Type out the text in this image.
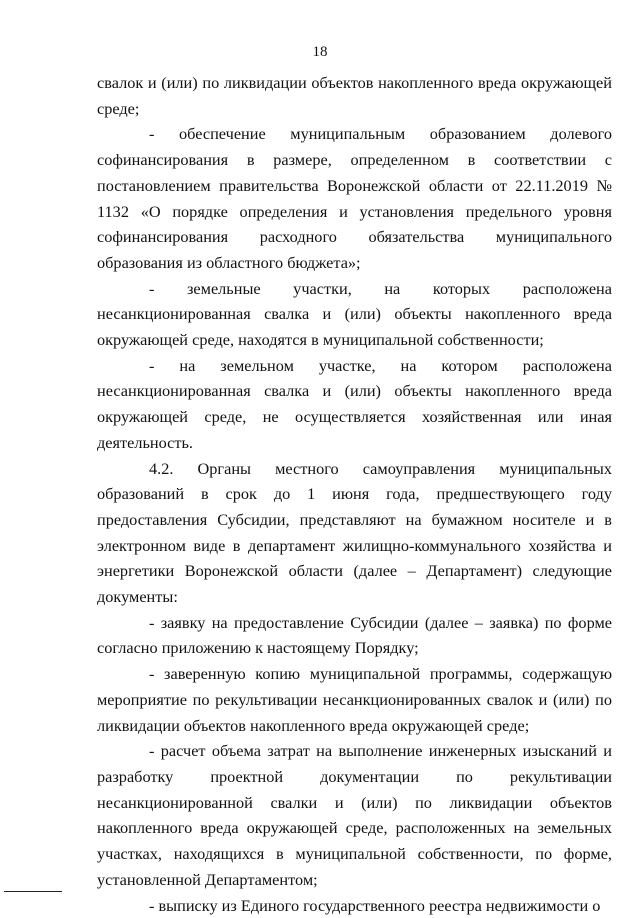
18

свалок и (или) по ликвидации объектов накопленного вреда окружающей среде;

- обеспечение муниципальным образованием долевого софинансирования в размере, определенном в соответствии с постановлением правительства Воронежской области от 22.11.2019 № 1132 «О порядке определения и установления предельного уровня софинансирования расходного обязательства муниципального образования из областного бюджета»;

- земельные участки, на которых расположена несанкционированная свалка и (или) объекты накопленного вреда окружающей среде, находятся в муниципальной собственности;

- на земельном участке, на котором расположена несанкционированная свалка и (или) объекты накопленного вреда окружающей среде, не осуществляется хозяйственная или иная деятельность.

4.2. Органы местного самоуправления муниципальных образований в срок до 1 июня года, предшествующего году предоставления Субсидии, представляют на бумажном носителе и в электронном виде в департамент жилищно-коммунального хозяйства и энергетики Воронежской области (далее – Департамент) следующие документы:

- заявку на предоставление Субсидии (далее – заявка) по форме согласно приложению к настоящему Порядку;

- заверенную копию муниципальной программы, содержащую мероприятие по рекультивации несанкционированных свалок и (или) по ликвидации объектов накопленного вреда окружающей среде;

- расчет объема затрат на выполнение инженерных изысканий и разработку проектной документации по рекультивации несанкционированной свалки и (или) по ликвидации объектов накопленного вреда окружающей среде, расположенных на земельных участках, находящихся в муниципальной собственности, по форме, установленной Департаментом;

- выписку из Единого государственного реестра недвижимости о
